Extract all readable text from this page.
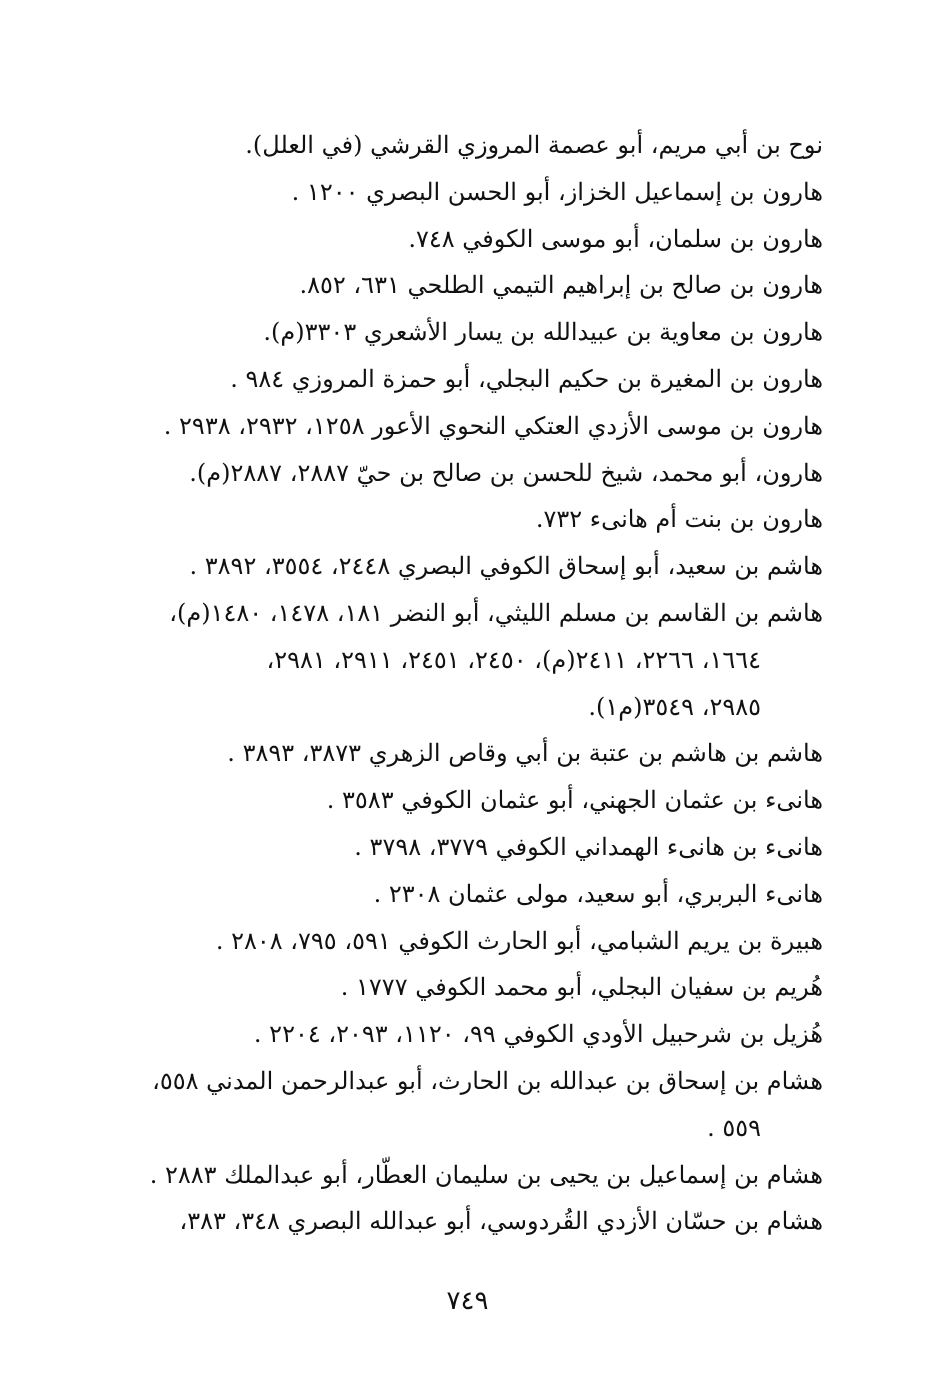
نوح بن أبي مريم، أبو عصمة المروزي القرشي (في العلل).
هارون بن إسماعيل الخزاز، أبو الحسن البصري ١٢٠٠ .
هارون بن سلمان، أبو موسى الكوفي ٧٤٨.
هارون بن صالح بن إبراهيم التيمي الطلحي ٦٣١، ٨٥٢.
هارون بن معاوية بن عبيدالله بن يسار الأشعري ٣٣٠٣(م).
هارون بن المغيرة بن حكيم البجلي، أبو حمزة المروزي ٩٨٤ .
هارون بن موسى الأزدي العتكي النحوي الأعور ١٢٥٨، ٢٩٣٢، ٢٩٣٨ .
هارون، أبو محمد، شيخ للحسن بن صالح بن حيّ ٢٨٨٧، ٢٨٨٧(م).
هارون بن بنت أم هانىء ٧٣٢.
هاشم بن سعيد، أبو إسحاق الكوفي البصري ٢٤٤٨، ٣٥٥٤، ٣٨٩٢ .
هاشم بن القاسم بن مسلم الليثي، أبو النضر ١٨١، ١٤٧٨، ١٤٨٠(م)،
١٦٦٤، ٢٢٦٦، ٢٤١١(م)، ٢٤٥٠، ٢٤٥١، ٢٩١١، ٢٩٨١،
٢٩٨٥، ٣٥٤٩(م١).
هاشم بن هاشم بن عتبة بن أبي وقاص الزهري ٣٨٧٣، ٣٨٩٣ .
هانىء بن عثمان الجهني، أبو عثمان الكوفي ٣٥٨٣ .
هانىء بن هانىء الهمداني الكوفي ٣٧٧٩، ٣٧٩٨ .
هانىء البربري، أبو سعيد، مولى عثمان ٢٣٠٨ .
هبيرة بن يريم الشبامي، أبو الحارث الكوفي ٥٩١، ٧٩٥، ٢٨٠٨ .
هُريم بن سفيان البجلي، أبو محمد الكوفي ١٧٧٧ .
هُزيل بن شرحبيل الأودي الكوفي ٩٩، ١١٢٠، ٢٠٩٣، ٢٢٠٤ .
هشام بن إسحاق بن عبدالله بن الحارث، أبو عبدالرحمن المدني ٥٥٨،
٥٥٩ .
هشام بن إسماعيل بن يحيى بن سليمان العطّار، أبو عبدالملك ٢٨٨٣ .
هشام بن حسّان الأزدي القُردوسي، أبو عبدالله البصري ٣٤٨، ٣٨٣،
٧٤٩
